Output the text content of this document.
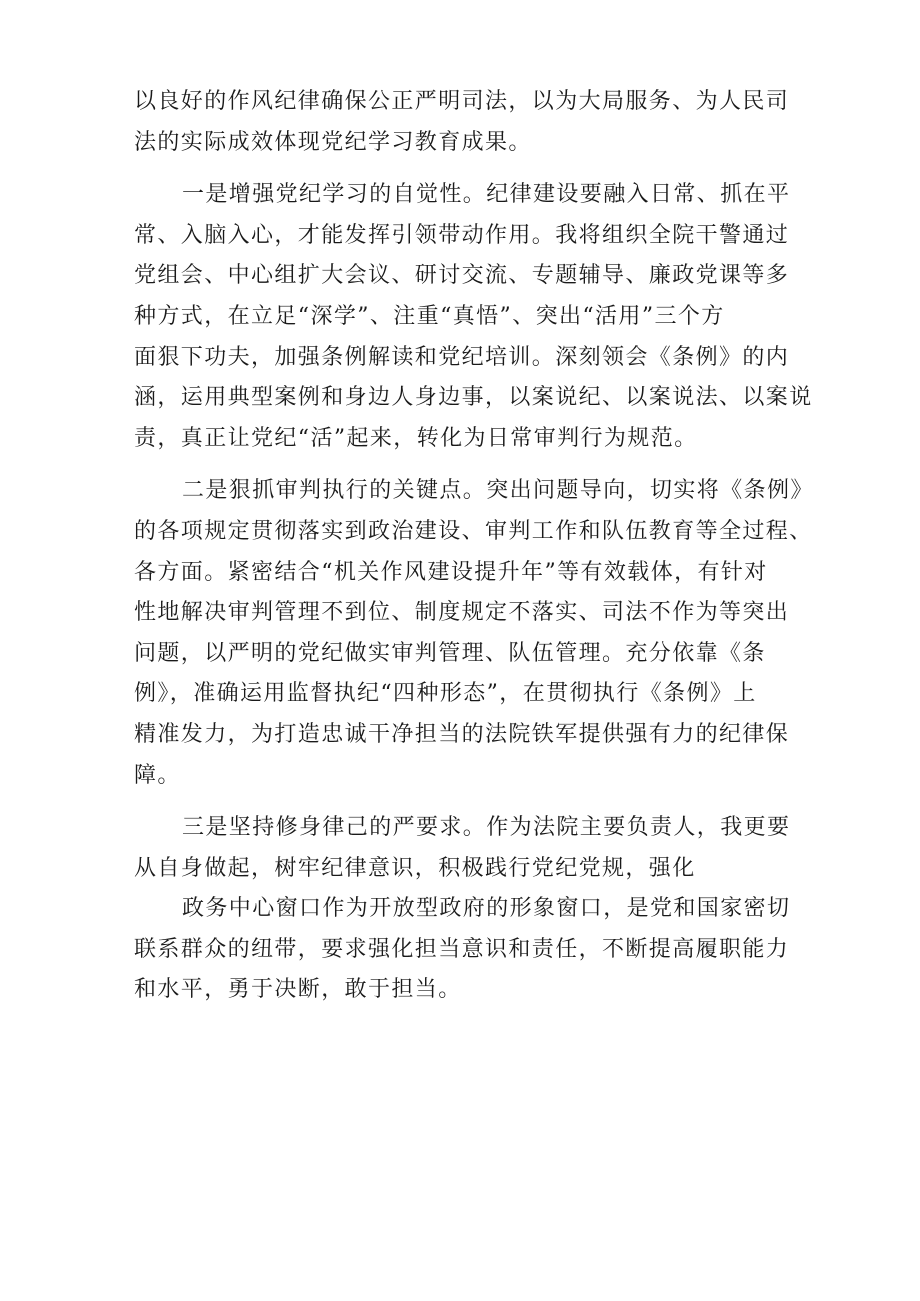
以良好的作风纪律确保公正严明司法，以为大局服务、为人民司
法的实际成效体现党纪学习教育成果。
一是增强党纪学习的自觉性。纪律建设要融入日常、抓在平
常、入脑入心，才能发挥引领带动作用。我将组织全院干警通过
党组会、中心组扩大会议、研讨交流、专题辅导、廉政党课等多
种方式，在立足“深学”、注重“真悟”、突出“活用”三个方
面狠下功夫，加强条例解读和党纪培训。深刻领会《条例》的内
涵，运用典型案例和身边人身边事，以案说纪、以案说法、以案说
责，真正让党纪“活”起来，转化为日常审判行为规范。
二是狠抓审判执行的关键点。突出问题导向，切实将《条例》
的各项规定贯彻落实到政治建设、审判工作和队伍教育等全过程、
各方面。紧密结合“机关作风建设提升年”等有效载体，有针对
性地解决审判管理不到位、制度规定不落实、司法不作为等突出
问题，以严明的党纪做实审判管理、队伍管理。充分依靠《条
例》，准确运用监督执纪“四种形态”，在贯彻执行《条例》上
精准发力，为打造忠诚干净担当的法院铁军提供强有力的纪律保
障。
三是坚持修身律己的严要求。作为法院主要负责人，我更要
从自身做起，树牢纪律意识，积极践行党纪党规，强化
政务中心窗口作为开放型政府的形象窗口，是党和国家密切
联系群众的纽带，要求强化担当意识和责任，不断提高履职能力
和水平，勇于决断，敢于担当。
